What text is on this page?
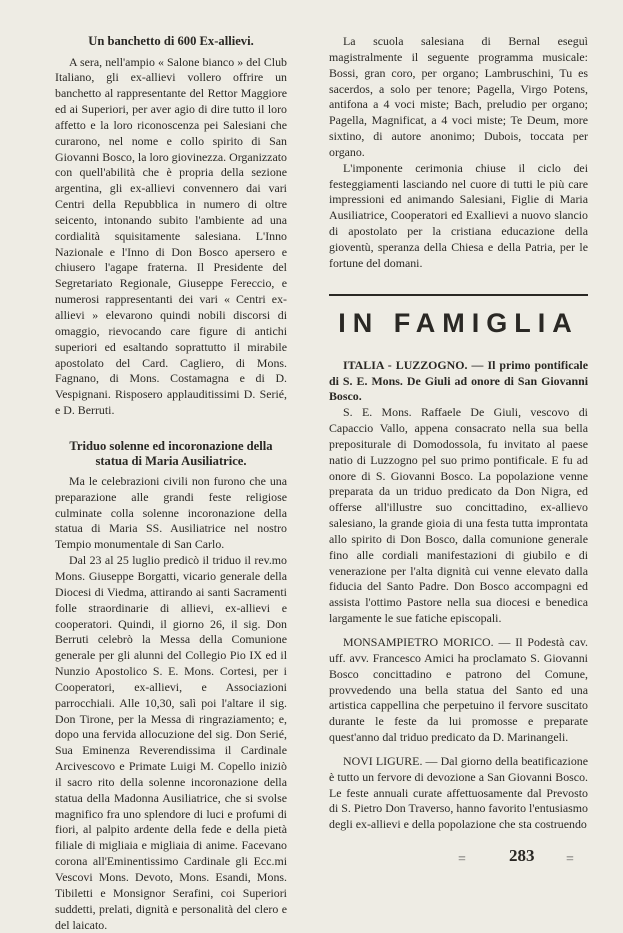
Un banchetto di 600 Ex-allievi.

A sera, nell'ampio « Salone bianco » del Club Italiano, gli ex-allievi vollero offrire un banchetto al rappresentante del Rettor Maggiore ed ai Superiori, per aver agio di dire tutto il loro affetto e la loro riconoscenza pei Salesiani che curarono, nel nome e collo spirito di San Giovanni Bosco, la loro giovinezza. Organizzato con quell'abilità che è propria della sezione argentina, gli ex-allievi convennero dai vari Centri della Repubblica in numero di oltre seicento, intonando subito l'ambiente ad una cordialità squisitamente salesiana. L'Inno Nazionale e l'Inno di Don Bosco apersero e chiusero l'agape fraterna. Il Presidente del Segretariato Regionale, Giuseppe Fereccio, e numerosi rappresentanti dei vari « Centri ex-allievi » elevarono quindi nobili discorsi di omaggio, rievocando care figure di antichi superiori ed esaltando soprattutto il mirabile apostolato del Card. Cagliero, di Mons. Fagnano, di Mons. Costamagna e di D. Vespignani. Risposero applauditissimi D. Serié, e D. Berruti.

Triduo solenne ed incoronazione della
statua di Maria Ausiliatrice.

Ma le celebrazioni civili non furono che una preparazione alle grandi feste religiose culminate colla solenne incoronazione della statua di Maria SS. Ausiliatrice nel nostro Tempio monumentale di San Carlo.

Dal 23 al 25 luglio predicò il triduo il rev.mo Mons. Giuseppe Borgatti, vicario generale della Diocesi di Viedma, attirando ai santi Sacramenti folle straordinarie di allievi, ex-allievi e cooperatori. Quindi, il giorno 26, il sig. Don Berruti celebrò la Messa della Comunione generale per gli alunni del Collegio Pio IX ed il Nunzio Apostolico S. E. Mons. Cortesi, per i Cooperatori, ex-allievi, e Associazioni parrocchiali. Alle 10,30, salì poi l'altare il sig. Don Tirone, per la Messa di ringraziamento; e, dopo una fervida allocuzione del sig. Don Serié, Sua Eminenza Reverendissima il Cardinale Arcivescovo e Primate Luigi M. Copello iniziò il sacro rito della solenne incoronazione della statua della Madonna Ausiliatrice, che si svolse magnifico fra uno splendore di luci e profumi di fiori, al palpito ardente della fede e della pietà filiale di migliaia e migliaia di anime. Facevano corona all'Eminentissimo Cardinale gli Ecc.mi Vescovi Mons. Devoto, Mons. Esandi, Mons. Tibiletti e Monsignor Serafini, coi Superiori suddetti, prelati, dignità e personalità del clero e del laicato.

La scuola salesiana di Bernal eseguì magistralmente il seguente programma musicale: Bossi, gran coro, per organo; Lambruschini, Tu es sacerdos, a solo per tenore; Pagella, Virgo Potens, antifona a 4 voci miste; Bach, preludio per organo; Pagella, Magnificat, a 4 voci miste; Te Deum, more sixtino, di autore anonimo; Dubois, toccata per organo.

L'imponente cerimonia chiuse il ciclo dei festeggiamenti lasciando nel cuore di tutti le più care impressioni ed animando Salesiani, Figlie di Maria Ausiliatrice, Cooperatori ed Exallievi a nuovo slancio di apostolato per la cristiana educazione della gioventù, speranza della Chiesa e della Patria, per le fortune del domani.

IN FAMIGLIA

ITALIA - LUZZOGNO. — Il primo pontificale di S. E. Mons. De Giuli ad onore di San Giovanni Bosco.

S. E. Mons. Raffaele De Giuli, vescovo di Capaccio Vallo, appena consacrato nella sua bella prepositurale di Domodossola, fu invitato al paese natio di Luzzogno pel suo primo pontificale. E fu ad onore di S. Giovanni Bosco. La popolazione venne preparata da un triduo predicato da Don Nigra, ed offerse all'illustre suo concittadino, ex-allievo salesiano, la grande gioia di una festa tutta improntata allo spirito di Don Bosco, dalla comunione generale fino alle cordiali manifestazioni di giubilo e di venerazione per l'alta dignità cui venne elevato dalla fiducia del Santo Padre. Don Bosco accompagni ed assista l'ottimo Pastore nella sua diocesi e benedica largamente le sue fatiche episcopali.

MONSAMPIETRO MORICO. — Il Podestà cav. uff. avv. Francesco Amici ha proclamato S. Giovanni Bosco concittadino e patrono del Comune, provvedendo una bella statua del Santo ed una artistica cappellina che perpetuino il fervore suscitato durante le feste da lui promosse e preparate quest'anno dal triduo predicato da D. Marinangeli.

NOVI LIGURE. — Dal giorno della beatificazione è tutto un fervore di devozione a San Giovanni Bosco. Le feste annuali curate affettuosamente dal Prevosto di S. Pietro Don Traverso, hanno favorito l'entusiasmo degli ex-allievi e della popolazione che sta costruendo

=	283 =
